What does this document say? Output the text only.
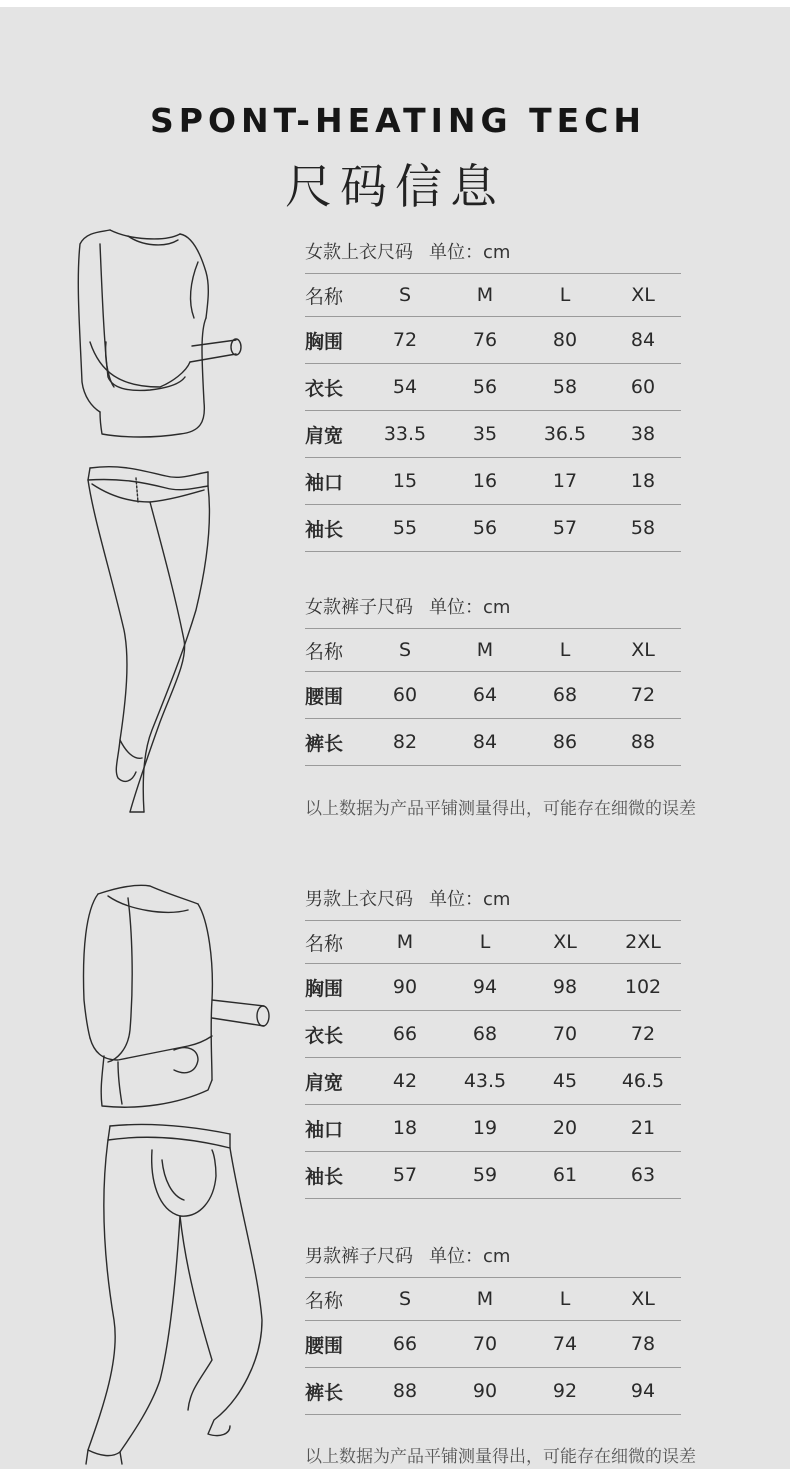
SPONT-HEATING TECH
尺码信息
女款上衣尺码 单位：cm
名称	S	M	L	XL
胸围	72	76	80	84
衣长	54	56	58	60
肩宽	33.5	35	36.5	38
袖口	15	16	17	18
袖长	55	56	57	58
女款裤子尺码 单位：cm
名称	S	M	L	XL
腰围	60	64	68	72
裤长	82	84	86	88
以上数据为产品平铺测量得出，可能存在细微的误差
男款上衣尺码 单位：cm
名称	M	L	XL	2XL
胸围	90	94	98	102
衣长	66	68	70	72
肩宽	42	43.5	45	46.5
袖口	18	19	20	21
袖长	57	59	61	63
男款裤子尺码 单位：cm
名称	S	M	L	XL
腰围	66	70	74	78
裤长	88	90	92	94
以上数据为产品平铺测量得出，可能存在细微的误差
